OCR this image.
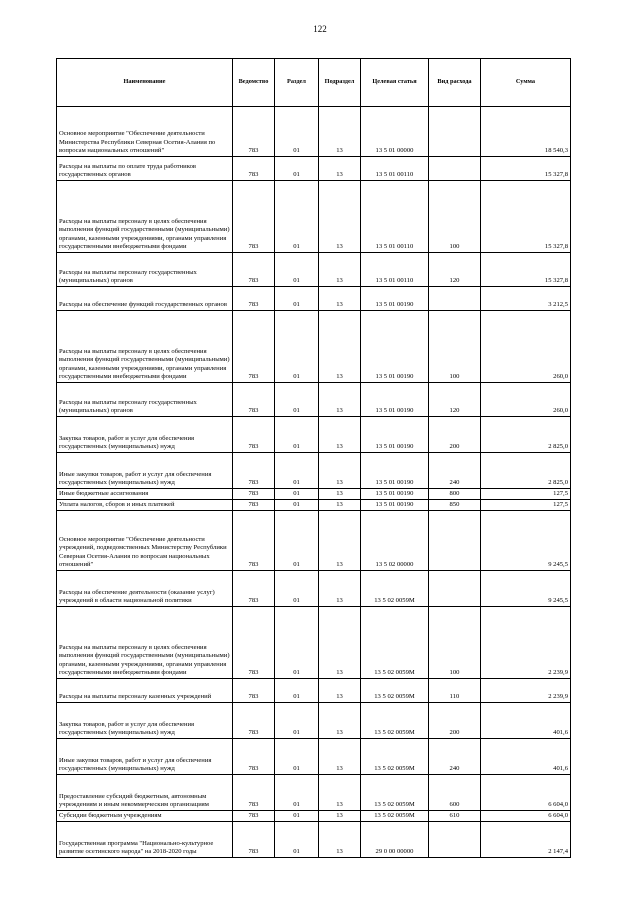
122
Наименование	Ведомство	Раздел	Подраздел	Целевая статья	Вид расхода	Сумма
Основное мероприятие "Обеспечение деятельности Министерства Республики Северная Осетия-Алания по вопросам национальных отношений"	783	01	13	13 5 01 00000		18 540,3
Расходы на выплаты по оплате труда работников государственных органов	783	01	13	13 5 01 00110		15 327,8
Расходы на выплаты персоналу в целях обеспечения выполнения функций государственными (муниципальными) органами, казенными учреждениями, органами управления государственными внебюджетными фондами	783	01	13	13 5 01 00110	100	15 327,8
Расходы на выплаты персоналу государственных (муниципальных) органов	783	01	13	13 5 01 00110	120	15 327,8
Расходы на обеспечение функций государственных органов	783	01	13	13 5 01 00190		3 212,5
Расходы на выплаты персоналу в целях обеспечения выполнения функций государственными (муниципальными) органами, казенными учреждениями, органами управления государственными внебюджетными фондами	783	01	13	13 5 01 00190	100	260,0
Расходы на выплаты персоналу государственных (муниципальных) органов	783	01	13	13 5 01 00190	120	260,0
Закупка товаров, работ и услуг для обеспечения государственных (муниципальных) нужд	783	01	13	13 5 01 00190	200	2 825,0
Иные закупки товаров, работ и услуг для обеспечения государственных (муниципальных) нужд	783	01	13	13 5 01 00190	240	2 825,0
Иные бюджетные ассигнования	783	01	13	13 5 01 00190	800	127,5
Уплата налогов, сборов и иных платежей	783	01	13	13 5 01 00190	850	127,5
Основное мероприятие "Обеспечение деятельности учреждений, подведомственных Министерству Республики Северная Осетия-Алания по вопросам национальных отношений"	783	01	13	13 5 02 00000		9 245,5
Расходы на обеспечение деятельности (оказание услуг) учреждений в области национальной политики	783	01	13	13 5 02 0059М		9 245,5
Расходы на выплаты персоналу в целях обеспечения выполнения функций государственными (муниципальными) органами, казенными учреждениями, органами управления государственными внебюджетными фондами	783	01	13	13 5 02 0059М	100	2 239,9
Расходы на выплаты персоналу казенных учреждений	783	01	13	13 5 02 0059М	110	2 239,9
Закупка товаров, работ и услуг для обеспечения государственных (муниципальных) нужд	783	01	13	13 5 02 0059М	200	401,6
Иные закупки товаров, работ и услуг для обеспечения государственных (муниципальных) нужд	783	01	13	13 5 02 0059М	240	401,6
Предоставление субсидий бюджетным, автономным учреждениям и иным некоммерческим организациям	783	01	13	13 5 02 0059М	600	6 604,0
Субсидии бюджетным учреждениям	783	01	13	13 5 02 0059М	610	6 604,0
Государственная программа "Национально-культурное развитие осетинского народа" на 2018-2020 годы	783	01	13	29 0 00 00000		2 147,4
